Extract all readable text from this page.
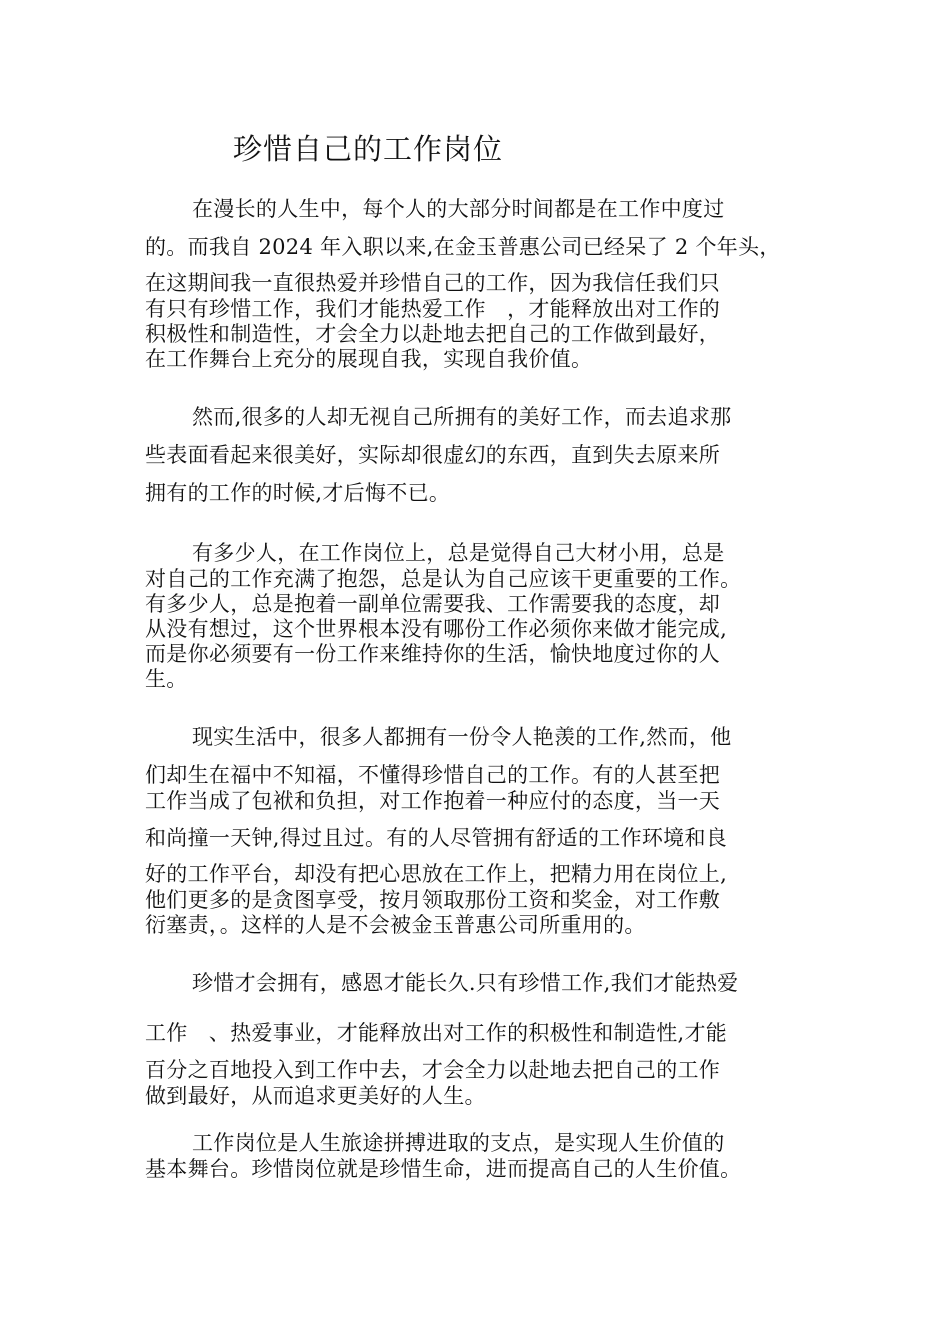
珍惜自己的工作岗位
在漫长的人生中，每个人的大部分时间都是在工作中度过
的。而我自 2024 年入职以来,在金玉普惠公司已经呆了 2 个年头，
在这期间我一直很热爱并珍惜自己的工作，因为我信任我们只
有只有珍惜工作，我们才能热爱工作　，才能释放出对工作的
积极性和制造性，才会全力以赴地去把自己的工作做到最好，
在工作舞台上充分的展现自我，实现自我价值。
然而,很多的人却无视自己所拥有的美好工作，而去追求那
些表面看起来很美好，实际却很虚幻的东西，直到失去原来所
拥有的工作的时候,才后悔不已。
有多少人，在工作岗位上，总是觉得自己大材小用，总是
对自己的工作充满了抱怨，总是认为自己应该干更重要的工作。
有多少人，总是抱着一副单位需要我、工作需要我的态度，却
从没有想过，这个世界根本没有哪份工作必须你来做才能完成,
而是你必须要有一份工作来维持你的生活，愉快地度过你的人
生。
现实生活中，很多人都拥有一份令人艳羡的工作,然而，他
们却生在福中不知福，不懂得珍惜自己的工作。有的人甚至把
工作当成了包袱和负担，对工作抱着一种应付的态度，当一天
和尚撞一天钟,得过且过。有的人尽管拥有舒适的工作环境和良
好的工作平台，却没有把心思放在工作上，把精力用在岗位上,
他们更多的是贪图享受，按月领取那份工资和奖金，对工作敷
衍塞责，。这样的人是不会被金玉普惠公司所重用的。
珍惜才会拥有，感恩才能长久.只有珍惜工作,我们才能热爱
工作　、热爱事业，才能释放出对工作的积极性和制造性,才能
百分之百地投入到工作中去，才会全力以赴地去把自己的工作
做到最好，从而追求更美好的人生。
工作岗位是人生旅途拼搏进取的支点，是实现人生价值的
基本舞台。珍惜岗位就是珍惜生命，进而提高自己的人生价值。
